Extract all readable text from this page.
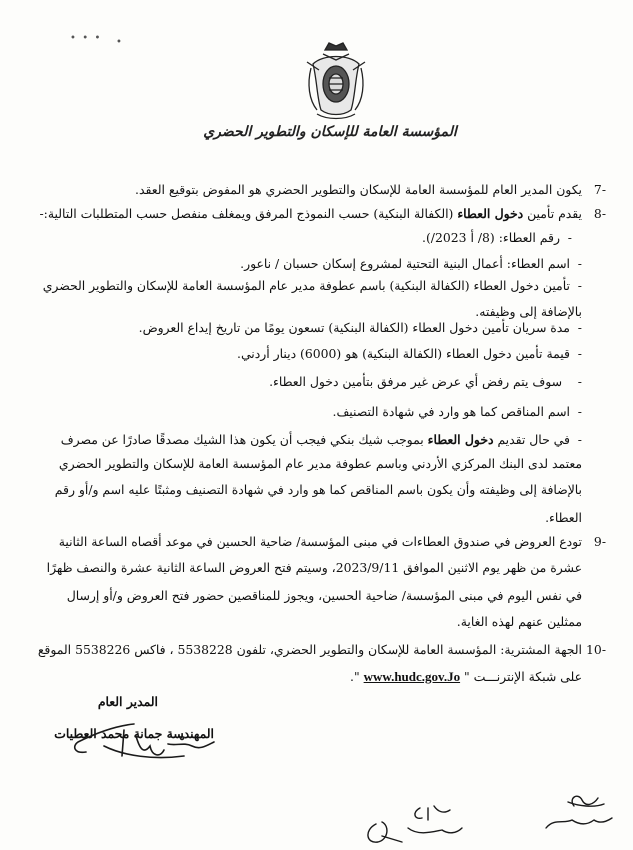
•  •  • •
المؤسسة العامة للإسكان والتطوير الحضري
-7
يكون المدير العام للمؤسسة العامة للإسكان والتطوير الحضري هو المفوض بتوقيع العقد.
-8
يقدم تأمين دخول العطاء (الكفالة البنكية) حسب النموذج المرفق ويمغلف منفصل حسب المتطلبات التالية:-
-  رقم العطاء: (8/ أ 2023/).
-  اسم العطاء: أعمال البنية التحتية لمشروع إسكان حسبان / ناعور.
-  تأمين دخول العطاء (الكفالة البنكية) باسم عطوفة مدير عام المؤسسة العامة للإسكان والتطوير الحضري
بالإضافة إلى وظيفته.
-  مدة سريان تأمين دخول العطاء (الكفالة البنكية) تسعون يومًا من تاريخ إيداع العروض.
-  قيمة تأمين دخول العطاء (الكفالة البنكية) هو (6000) دينار أردني.
-    سوف يتم رفض أي عرض غير مرفق بتأمين دخول العطاء.
-  اسم المناقص كما هو وارد في شهادة التصنيف.
-  في حال تقديم دخول العطاء بموجب شيك بنكي فيجب أن يكون هذا الشيك مصدقًا صادرًا عن مصرف
معتمد لدى البنك المركزي الأردني وباسم عطوفة مدير عام المؤسسة العامة للإسكان والتطوير الحضري
بالإضافة إلى وظيفته وأن يكون باسم المناقص كما هو وارد في شهادة التصنيف ومثبتًا عليه اسم و/أو رقم
العطاء.
-9
تودع العروض في صندوق العطاءات في مبنى المؤسسة/ ضاحية الحسين في موعد أقصاه الساعة الثانية
عشرة من ظهر يوم الاثنين الموافق 2023/9/11، وسيتم فتح العروض الساعة الثانية عشرة والنصف ظهرًا
في نفس اليوم في مبنى المؤسسة/ ضاحية الحسين، ويجوز للمناقصين حضور فتح العروض و/أو إرسال
ممثلين عنهم لهذه الغاية.
-10
الجهة المشترية: المؤسسة العامة للإسكان والتطوير الحضري، تلفون 5538228 ، فاكس 5538226 الموقع
على شبكة الإنترنـــت " www.hudc.gov.Jo ".
المدير العام
المهندسة جمانة محمد العطيات
